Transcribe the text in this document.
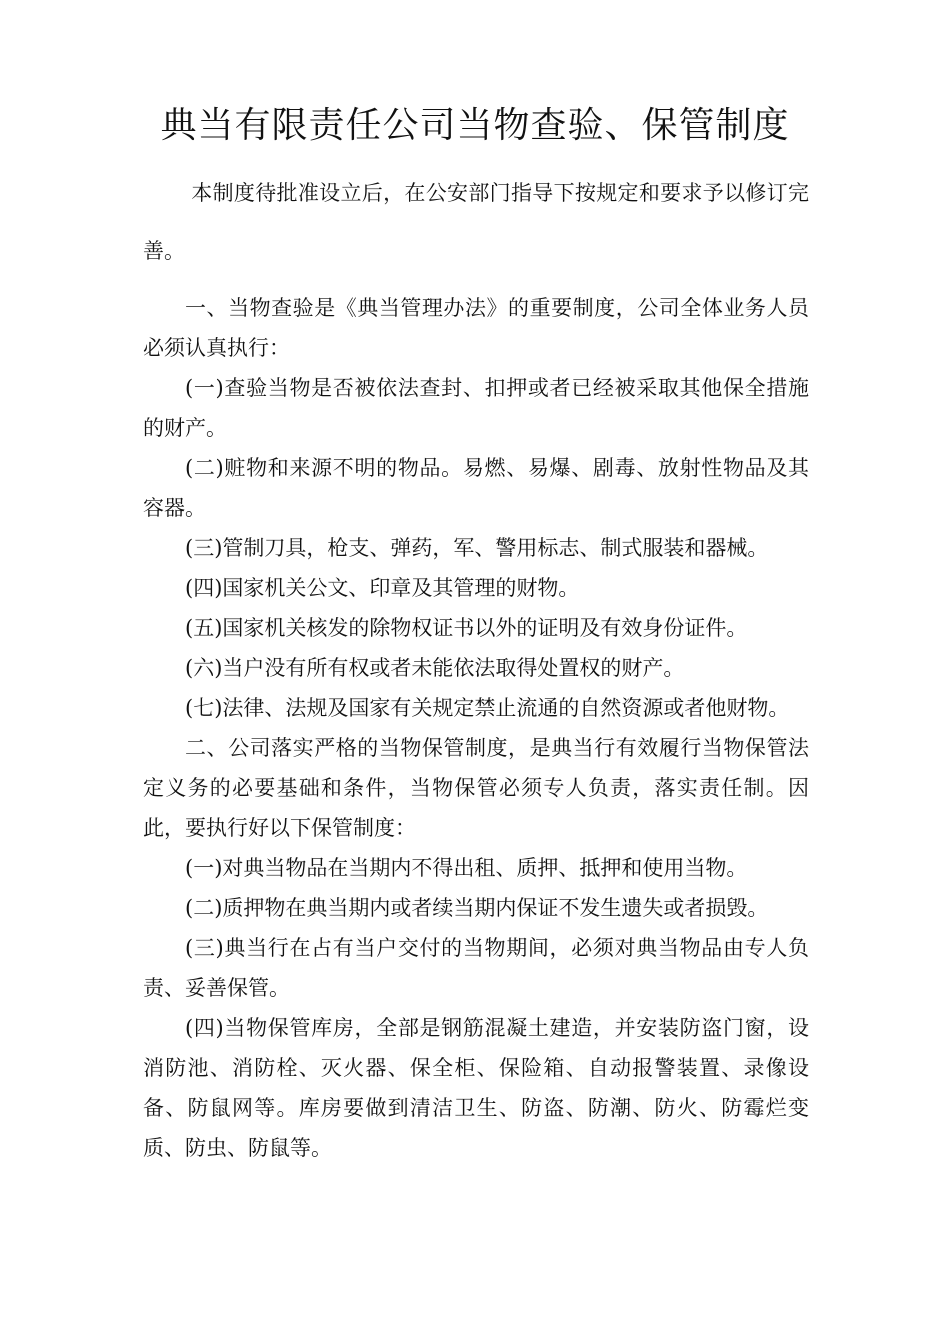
典当有限责任公司当物查验、保管制度

本制度待批准设立后，在公安部门指导下按规定和要求予以修订完善。

一、当物查验是《典当管理办法》的重要制度，公司全体业务人员必须认真执行：

(一)查验当物是否被依法查封、扣押或者已经被采取其他保全措施的财产。

(二)赃物和来源不明的物品。易燃、易爆、剧毒、放射性物品及其容器。

(三)管制刀具，枪支、弹药，军、警用标志、制式服装和器械。

(四)国家机关公文、印章及其管理的财物。

(五)国家机关核发的除物权证书以外的证明及有效身份证件。

(六)当户没有所有权或者未能依法取得处置权的财产。

(七)法律、法规及国家有关规定禁止流通的自然资源或者他财物。

二、公司落实严格的当物保管制度，是典当行有效履行当物保管法定义务的必要基础和条件，当物保管必须专人负责，落实责任制。因此，要执行好以下保管制度：

(一)对典当物品在当期内不得出租、质押、抵押和使用当物。

(二)质押物在典当期内或者续当期内保证不发生遗失或者损毁。

(三)典当行在占有当户交付的当物期间，必须对典当物品由专人负责、妥善保管。

(四)当物保管库房，全部是钢筋混凝土建造，并安装防盗门窗，设消防池、消防栓、灭火器、保全柜、保险箱、自动报警装置、录像设备、防鼠网等。库房要做到清洁卫生、防盗、防潮、防火、防霉烂变质、防虫、防鼠等。
